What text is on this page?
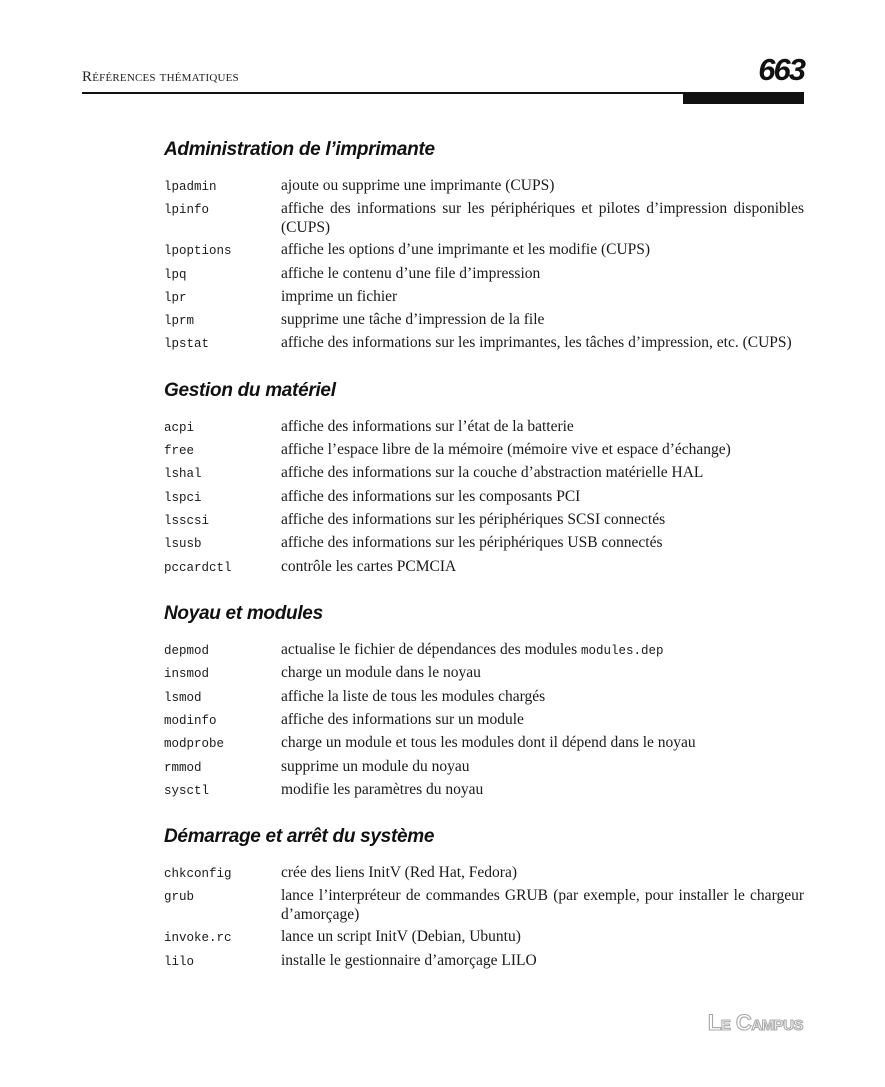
Références thématiques	663
Administration de l’imprimante
lpadmin	ajoute ou supprime une imprimante (CUPS)
lpinfo	affiche des informations sur les périphériques et pilotes d’impression disponibles (CUPS)
lpoptions	affiche les options d’une imprimante et les modifie (CUPS)
lpq	affiche le contenu d’une file d’impression
lpr	imprime un fichier
lprm	supprime une tâche d’impression de la file
lpstat	affiche des informations sur les imprimantes, les tâches d’impression, etc. (CUPS)
Gestion du matériel
acpi	affiche des informations sur l’état de la batterie
free	affiche l’espace libre de la mémoire (mémoire vive et espace d’échange)
lshal	affiche des informations sur la couche d’abstraction matérielle HAL
lspci	affiche des informations sur les composants PCI
lsscsi	affiche des informations sur les périphériques SCSI connectés
lsusb	affiche des informations sur les périphériques USB connectés
pccardctl	contrôle les cartes PCMCIA
Noyau et modules
depmod	actualise le fichier de dépendances des modules modules.dep
insmod	charge un module dans le noyau
lsmod	affiche la liste de tous les modules chargés
modinfo	affiche des informations sur un module
modprobe	charge un module et tous les modules dont il dépend dans le noyau
rmmod	supprime un module du noyau
sysctl	modifie les paramètres du noyau
Démarrage et arrêt du système
chkconfig	crée des liens InitV (Red Hat, Fedora)
grub	lance l’interpréteur de commandes GRUB (par exemple, pour installer le chargeur d’amorçage)
invoke.rc	lance un script InitV (Debian, Ubuntu)
lilo	installe le gestionnaire d’amorçage LILO
Le Campus
